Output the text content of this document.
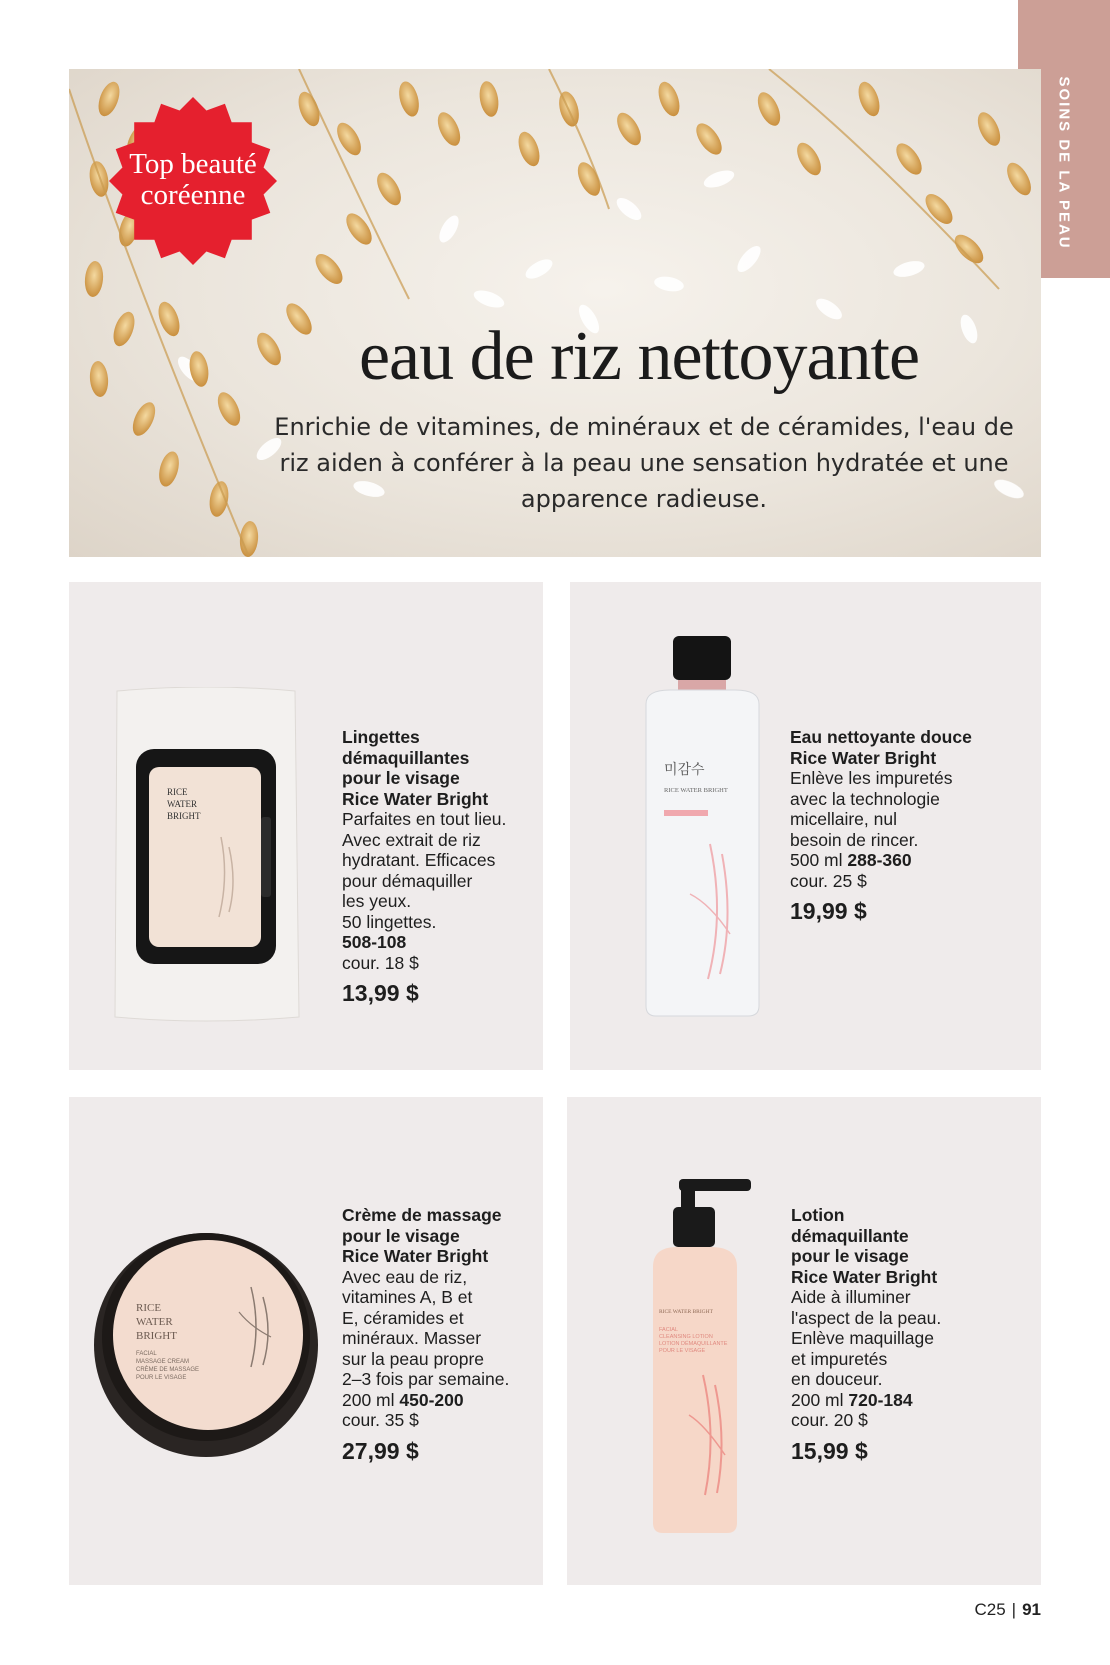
SOINS DE LA PEAU
Top beauté
coréenne
eau de riz nettoyante
Enrichie de vitamines, de minéraux et de céramides, l'eau de riz aiden à conférer à la peau une sensation hydratée et une apparence radieuse.
RICE
WATER
BRIGHT
Lingettes
démaquillantes
pour le visage
Rice Water Bright
Parfaites en tout lieu.
Avec extrait de riz
hydratant. Efficaces
pour démaquiller
les yeux.
50 lingettes.
508-108
cour. 18 $
13,99 $
미감수
RICE WATER BRIGHT
Eau nettoyante douce
Rice Water Bright
Enlève les impuretés
avec la technologie
micellaire, nul
besoin de rincer.
500 ml 288-360
cour. 25 $
19,99 $
RICE
WATER
BRIGHT
FACIAL
MASSAGE CREAM
CRÈME DE MASSAGE
POUR LE VISAGE
Crème de massage
pour le visage
Rice Water Bright
Avec eau de riz,
vitamines A, B et
E, céramides et
minéraux. Masser
sur la peau propre
2–3 fois par semaine.
200 ml 450-200
cour. 35 $
27,99 $
RICE WATER BRIGHT
FACIAL
CLEANSING LOTION
LOTION DÉMAQUILLANTE
POUR LE VISAGE
Lotion
démaquillante
pour le visage
Rice Water Bright
Aide à illuminer
l'aspect de la peau.
Enlève maquillage
et impuretés
en douceur.
200 ml 720-184
cour. 20 $
15,99 $
C25 | 91
